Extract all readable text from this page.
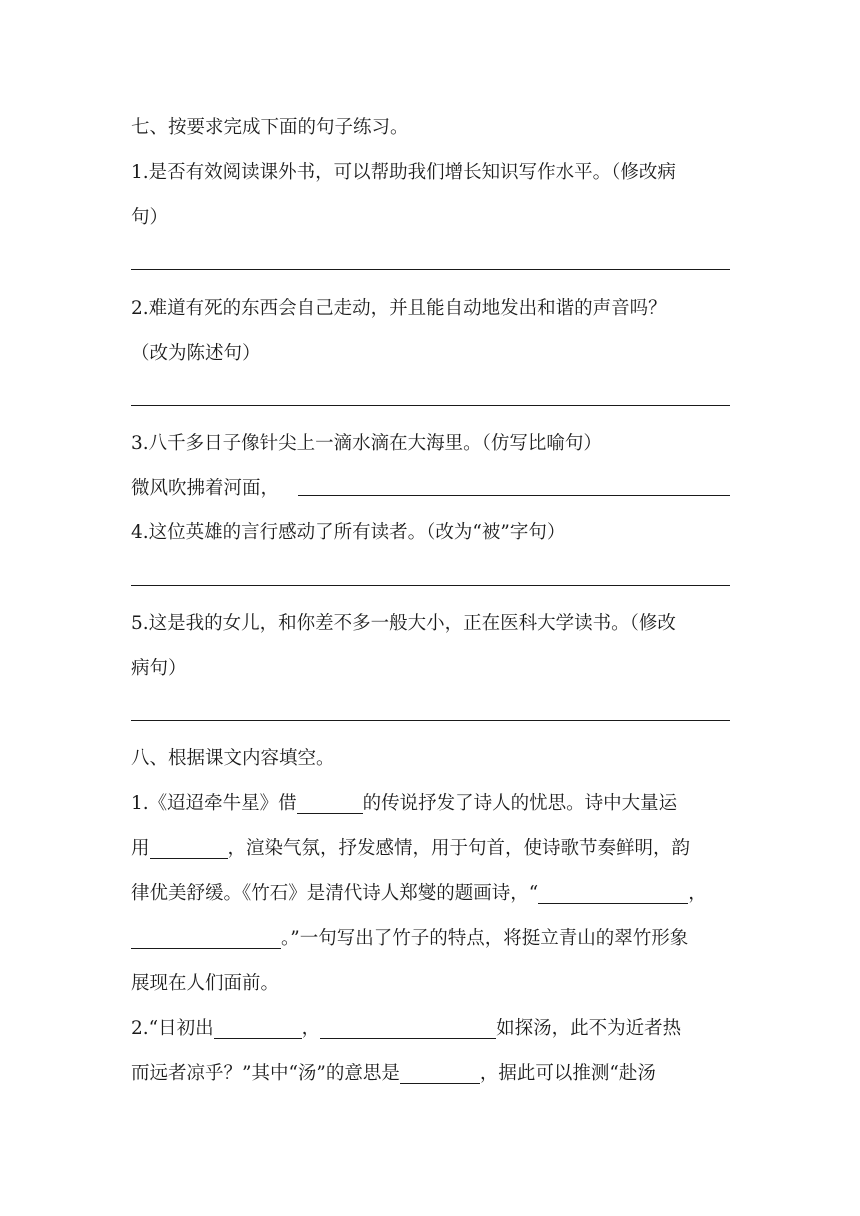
七、按要求完成下面的句子练习。
1.是否有效阅读课外书，可以帮助我们增长知识写作水平。（修改病
句）
2.难道有死的东西会自己走动，并且能自动地发出和谐的声音吗？
（改为陈述句）
3.八千多日子像针尖上一滴水滴在大海里。（仿写比喻句）
微风吹拂着河面，
4.这位英雄的言行感动了所有读者。（改为“被”字句）
5.这是我的女儿，和你差不多一般大小，正在医科大学读书。（修改
病句）
八、根据课文内容填空。
1.《迢迢牵牛星》借	的传说抒发了诗人的忧思。诗中大量运
用	，渲染气氛，抒发感情，用于句首，使诗歌节奏鲜明，韵
律优美舒缓。《竹石》是清代诗人郑燮的题画诗，“	，
。”一句写出了竹子的特点，将挺立青山的翠竹形象
展现在人们面前。
2.“日初出	，	如探汤，此不为近者热
而远者凉乎？”其中“汤”的意思是	，据此可以推测“赴汤
